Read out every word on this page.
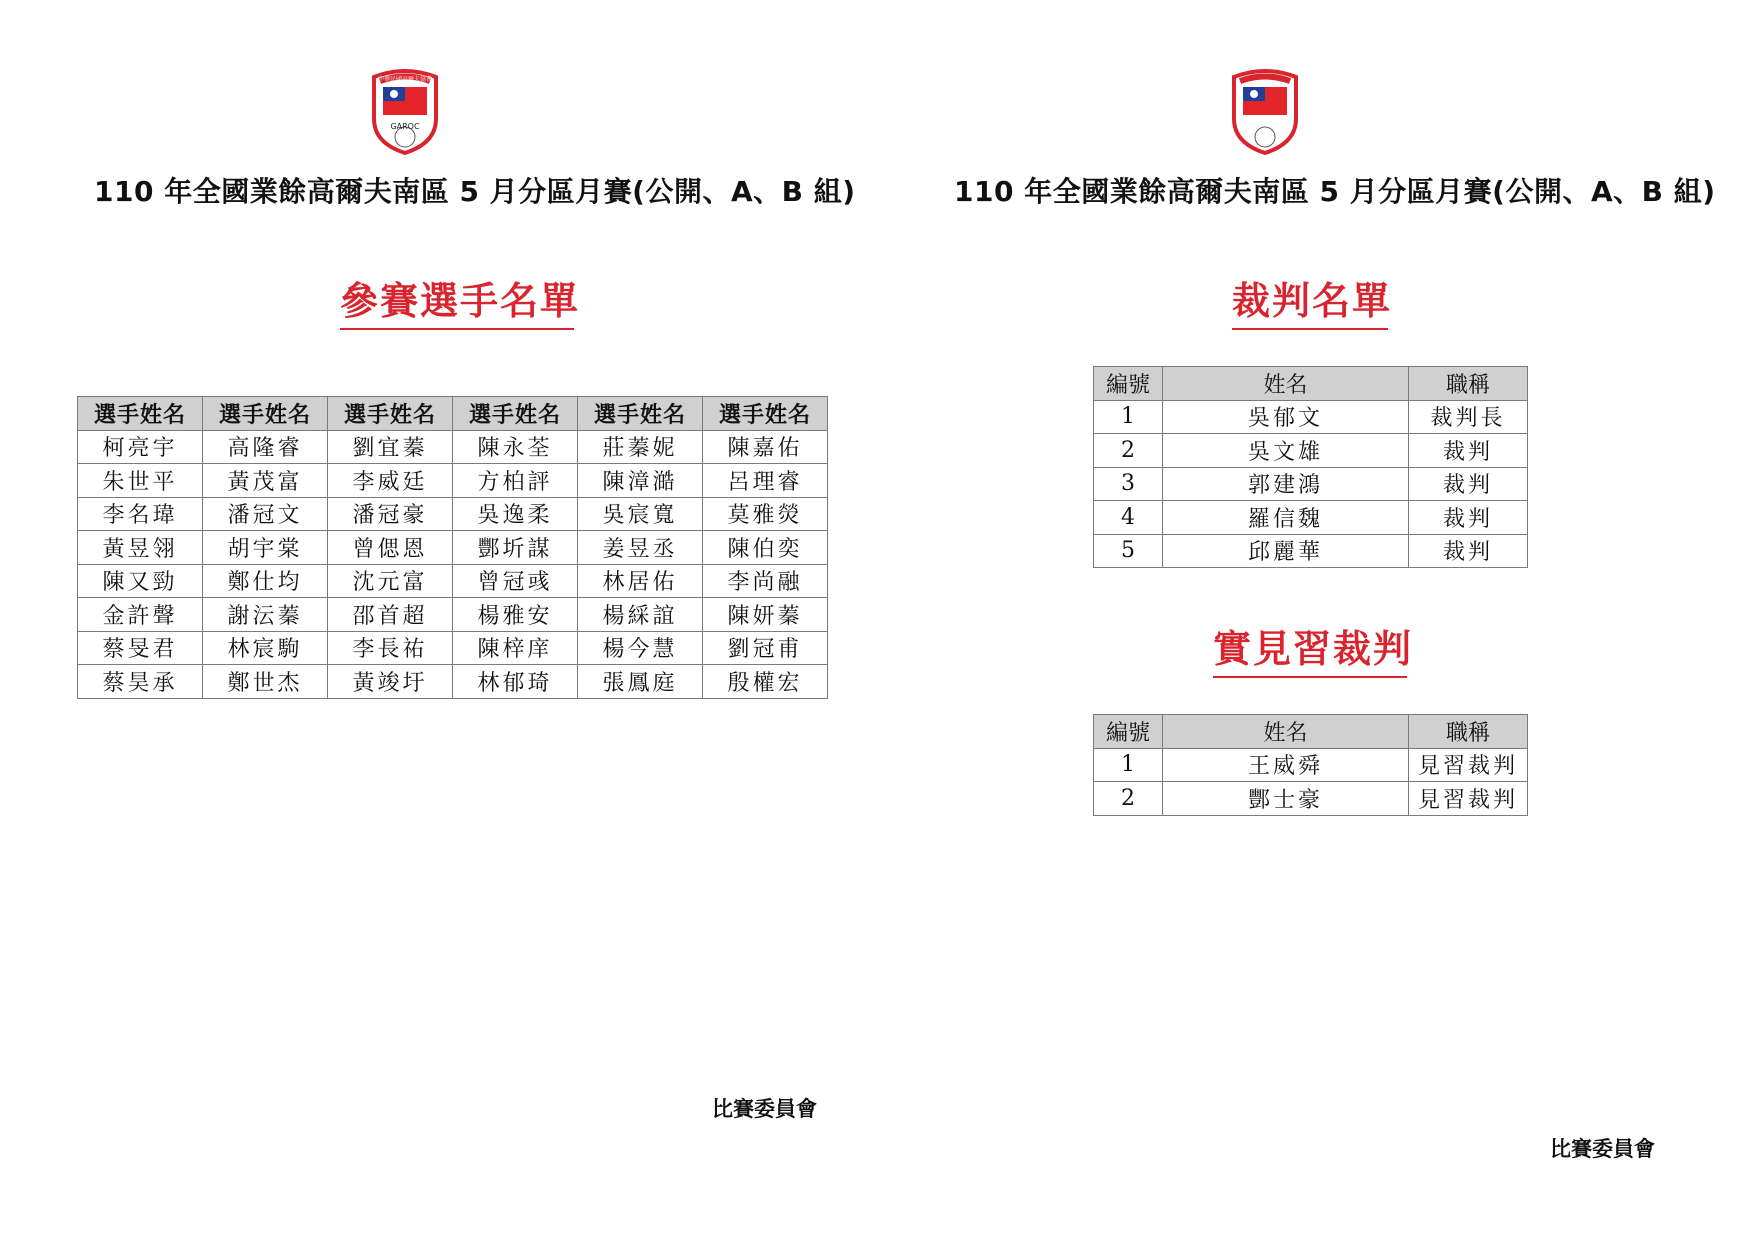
中華民國高爾夫協會
GAROC
110 年全國業餘高爾夫南區 5 月分區月賽(公開、A、B 組)
參賽選手名單
選手姓名	選手姓名	選手姓名	選手姓名	選手姓名	選手姓名
柯亮宇	高隆睿	劉宜蓁	陳永荃	莊蓁妮	陳嘉佑
朱世平	黃茂富	李威廷	方柏評	陳漳澔	呂理睿
李名瑋	潘冠文	潘冠豪	吳逸柔	吳宸寬	莫雅熒
黃昱翎	胡宇棠	曾偲恩	酆圻謀	姜昱丞	陳伯奕
陳又勁	鄭仕均	沈元富	曾冠彧	林居佑	李尚融
金許聲	謝沄蓁	邵首超	楊雅安	楊綵誼	陳妍蓁
蔡旻君	林宸駒	李長祐	陳梓庠	楊今慧	劉冠甫
蔡昊承	鄭世杰	黃竣圩	林郁琦	張鳳庭	殷權宏
比賽委員會
110 年全國業餘高爾夫南區 5 月分區月賽(公開、A、B 組)
裁判名單
編號	姓名	職稱
1	吳郁文	裁判長
2	吳文雄	裁判
3	郭建鴻	裁判
4	羅信魏	裁判
5	邱麗華	裁判
實見習裁判
編號	姓名	職稱
1	王威舜	見習裁判
2	酆士豪	見習裁判
比賽委員會
